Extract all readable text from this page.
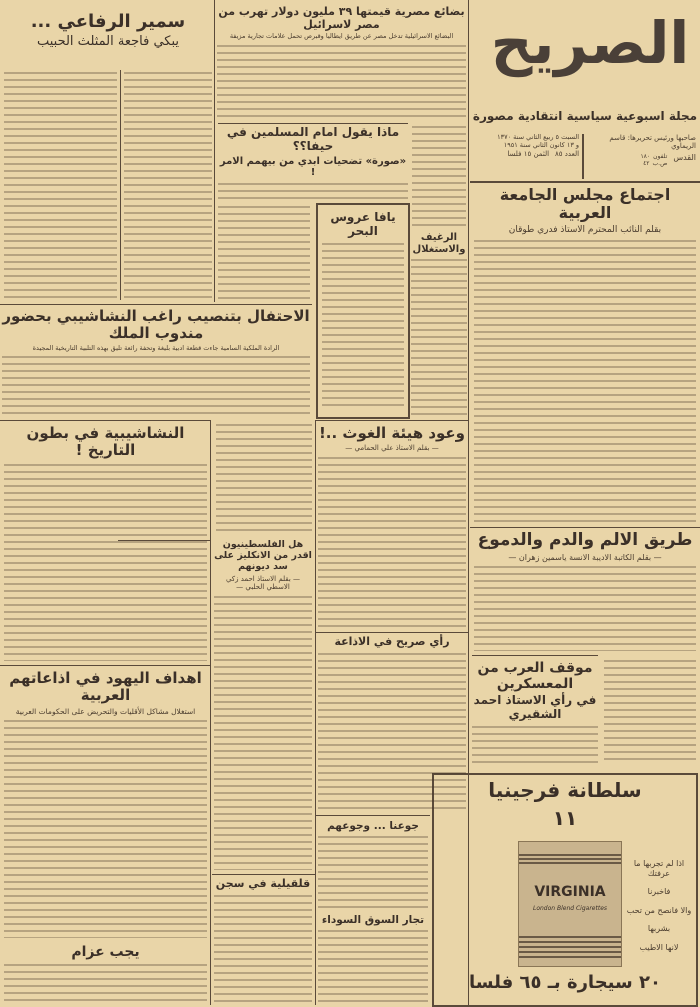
الصريح
مجلة اسبوعية سياسية انتقادية مصورة
صاحبها ورئيس تحريرها: قاسم الريماوي
القدس
تلفون
١٨٠
ص.ب
٤٢
السبت ٥ ربيع الثاني سنة ١٣٧٠
و ١٣ كانون الثاني سنة ١٩٥١
العدد ٨٥
الثمن ١٥ فلسا
اجتماع مجلس الجامعة العربية
بقلم النائب المحترم الاستاذ فدري طوقان
طريق الالم والدم والدموع
— بقلم الكاتبة الاديبة الانسة ياسمين زهران —
موقف العرب من المعسكرين
في رأي الاستاذ احمد الشقيري
سلطانة فرجينيا
١١
VIRGINIA
London Blend Cigarettes
اذا لم تجربها ما عرفتك
فاخبرنا
والا فانصح من تحب
بشربها
لانها الاطيب
٢٠ سيجارة بـ ٦٥ فلسا
بضائع مصرية قيمتها ٣٩ مليون دولار تهرب من مصر لاسرائيل
البضائع الاسرائيلية تدخل مصر عن طريق ايطاليا وقبرص تحمل علامات تجارية مزيفة
ماذا يقول امام المسلمين في حيفا؟؟
«صورة» تضحيات ابدي من بيهمم الامر !
يافا عروس البحر	الرغيف والاستغلال
سمير الرفاعي ...
يبكي فاجعة المثلث الحبيب
الاحتفال بتنصيب راغب النشاشيبي بحضور مندوب الملك
الرادة الملكية السامية جاءت قطعة ادبية بليغة وتحفة رائعة تليق بهذه التلبية التاريخية المجيدة
النشاشيبية في بطون التاريخ !
وعود هيئة الغوث ..!
— بقلم الاستاذ علي الحمامي —
هل الفلسطينيون اقدر من الانكليز على سد ديونهم
— بقلم الاستاذ احمد زكي الاسطي الحلبي —
رأي صريح في الاذاعة
اهداف اليهود في اذاعاتهم العربية
استغلال مشاكل الأقليات والتحريض على الحكومات العربية
جوعنا ... وجوعهم
تجار السوق السوداء
قلقيلية في سجن
يجب عزام
